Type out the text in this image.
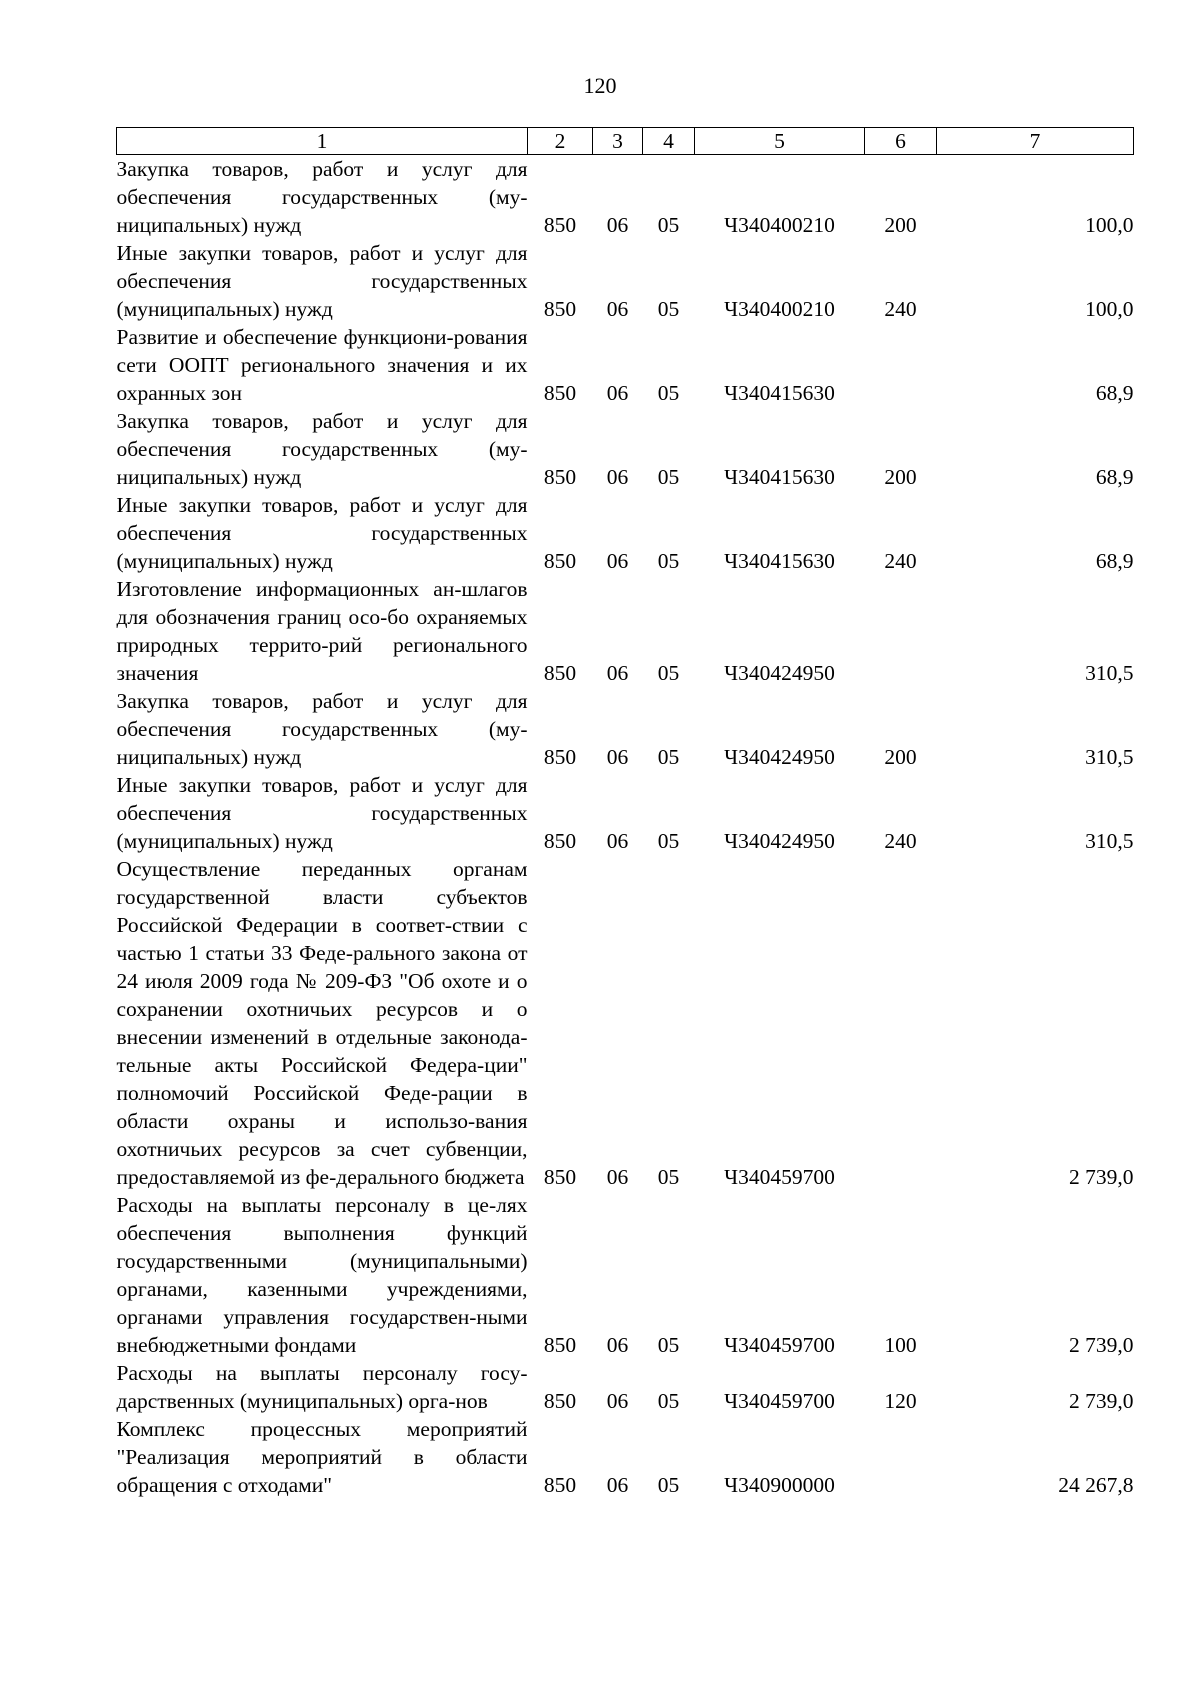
120
1	2	3	4	5	6	7
Закупка товаров, работ и услуг для обеспечения государственных (му-ниципальных) нужд	850	06	05	Ч340400210	200	100,0
Иные закупки товаров, работ и услуг для обеспечения государственных (муниципальных) нужд	850	06	05	Ч340400210	240	100,0
Развитие и обеспечение функциони-рования сети ООПТ регионального значения и их охранных зон	850	06	05	Ч340415630		68,9
Закупка товаров, работ и услуг для обеспечения государственных (му-ниципальных) нужд	850	06	05	Ч340415630	200	68,9
Иные закупки товаров, работ и услуг для обеспечения государственных (муниципальных) нужд	850	06	05	Ч340415630	240	68,9
Изготовление информационных ан-шлагов для обозначения границ осо-бо охраняемых природных террито-рий регионального значения	850	06	05	Ч340424950		310,5
Закупка товаров, работ и услуг для обеспечения государственных (му-ниципальных) нужд	850	06	05	Ч340424950	200	310,5
Иные закупки товаров, работ и услуг для обеспечения государственных (муниципальных) нужд	850	06	05	Ч340424950	240	310,5
Осуществление переданных органам государственной власти субъектов Российской Федерации в соответ-ствии с частью 1 статьи 33 Феде-рального закона от 24 июля 2009 года № 209-ФЗ "Об охоте и о сохранении охотничьих ресурсов и о внесении изменений в отдельные законода-тельные акты Российской Федера-ции" полномочий Российской Феде-рации в области охраны и использо-вания охотничьих ресурсов за счет субвенции, предоставляемой из фе-дерального бюджета	850	06	05	Ч340459700		2 739,0
Расходы на выплаты персоналу в це-лях обеспечения выполнения функций государственными (муниципальными) органами, казенными учреждениями, органами управления государствен-ными внебюджетными фондами	850	06	05	Ч340459700	100	2 739,0
Расходы на выплаты персоналу госу-дарственных (муниципальных) орга-нов	850	06	05	Ч340459700	120	2 739,0
Комплекс процессных мероприятий "Реализация мероприятий в области обращения с отходами"	850	06	05	Ч340900000		24 267,8
